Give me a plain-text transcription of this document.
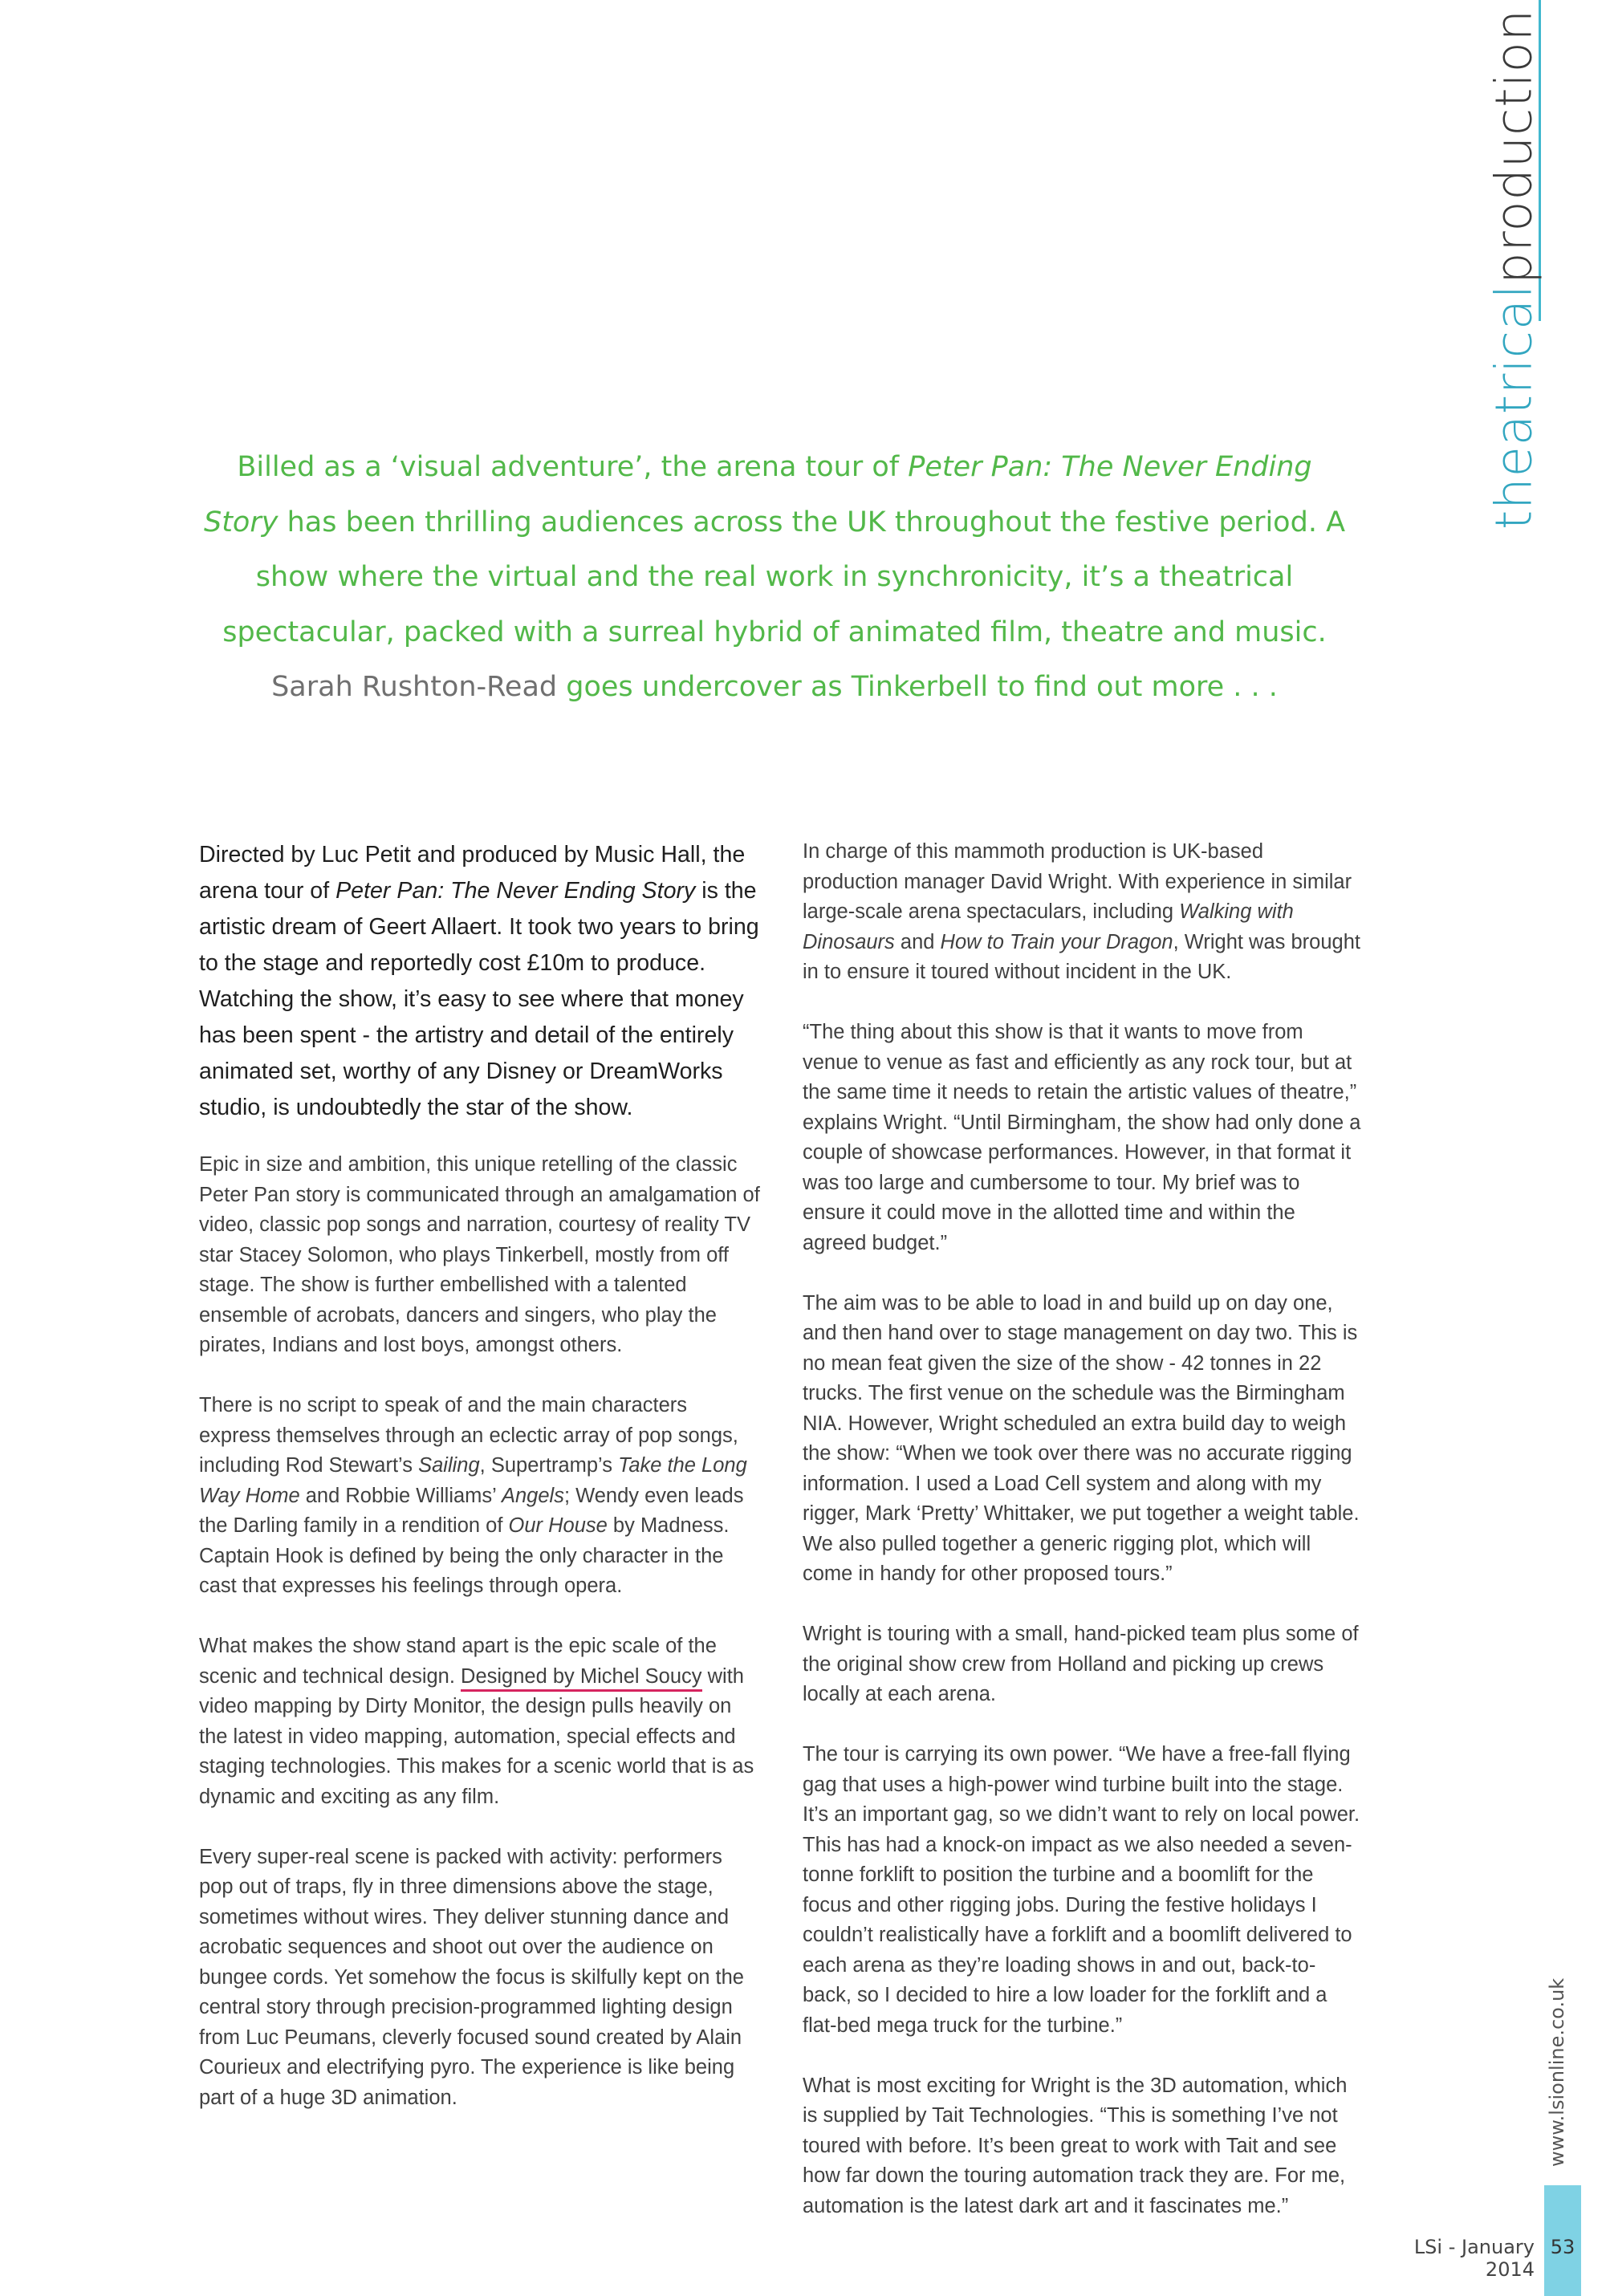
theatricalproduction
Billed as a ‘visual adventure’, the arena tour of Peter Pan: The Never Ending Story has been thrilling audiences across the UK throughout the festive period. A show where the virtual and the real work in synchronicity, it’s a theatrical spectacular, packed with a surreal hybrid of animated film, theatre and music.
Sarah Rushton-Read goes undercover as Tinkerbell to find out more . . .

Directed by Luc Petit and produced by Music Hall, the arena tour of Peter Pan: The Never Ending Story is the artistic dream of Geert Allaert. It took two years to bring to the stage and reportedly cost £10m to produce. Watching the show, it’s easy to see where that money has been spent - the artistry and detail of the entirely animated set, worthy of any Disney or DreamWorks studio, is undoubtedly the star of the show.

Epic in size and ambition, this unique retelling of the classic Peter Pan story is communicated through an amalgamation of video, classic pop songs and narration, courtesy of reality TV star Stacey Solomon, who plays Tinkerbell, mostly from off stage. The show is further embellished with a talented ensemble of acrobats, dancers and singers, who play the pirates, Indians and lost boys, amongst others.

There is no script to speak of and the main characters express themselves through an eclectic array of pop songs, including Rod Stewart’s Sailing, Supertramp’s Take the Long Way Home and Robbie Williams’ Angels; Wendy even leads the Darling family in a rendition of Our House by Madness. Captain Hook is defined by being the only character in the cast that expresses his feelings through opera.

What makes the show stand apart is the epic scale of the scenic and technical design. Designed by Michel Soucy with video mapping by Dirty Monitor, the design pulls heavily on the latest in video mapping, automation, special effects and staging technologies. This makes for a scenic world that is as dynamic and exciting as any film.

Every super-real scene is packed with activity: performers pop out of traps, fly in three dimensions above the stage, sometimes without wires. They deliver stunning dance and acrobatic sequences and shoot out over the audience on bungee cords. Yet somehow the focus is skilfully kept on the central story through precision-programmed lighting design from Luc Peumans, cleverly focused sound created by Alain Courieux and electrifying pyro. The experience is like being part of a huge 3D animation.

In charge of this mammoth production is UK-based production manager David Wright. With experience in similar large-scale arena spectaculars, including Walking with Dinosaurs and How to Train your Dragon, Wright was brought in to ensure it toured without incident in the UK.

“The thing about this show is that it wants to move from venue to venue as fast and efficiently as any rock tour, but at the same time it needs to retain the artistic values of theatre,” explains Wright. “Until Birmingham, the show had only done a couple of showcase performances. However, in that format it was too large and cumbersome to tour. My brief was to ensure it could move in the allotted time and within the agreed budget.”

The aim was to be able to load in and build up on day one, and then hand over to stage management on day two. This is no mean feat given the size of the show - 42 tonnes in 22 trucks. The first venue on the schedule was the Birmingham NIA. However, Wright scheduled an extra build day to weigh the show: “When we took over there was no accurate rigging information. I used a Load Cell system and along with my rigger, Mark ‘Pretty’ Whittaker, we put together a weight table. We also pulled together a generic rigging plot, which will come in handy for other proposed tours.”

Wright is touring with a small, hand-picked team plus some of the original show crew from Holland and picking up crews locally at each arena.

The tour is carrying its own power. “We have a free-fall flying gag that uses a high-power wind turbine built into the stage. It’s an important gag, so we didn’t want to rely on local power. This has had a knock-on impact as we also needed a seven-tonne forklift to position the turbine and a boomlift for the focus and other rigging jobs. During the festive holidays I couldn’t realistically have a forklift and a boomlift delivered to each arena as they’re loading shows in and out, back-to-back, so I decided to hire a low loader for the forklift and a flat-bed mega truck for the turbine.”

What is most exciting for Wright is the 3D automation, which is supplied by Tait Technologies. “This is something I’ve not toured with before. It’s been great to work with Tait and see how far down the touring automation track they are. For me, automation is the latest dark art and it fascinates me.”

www.lsionline.co.uk
LSi - January 2014
53
